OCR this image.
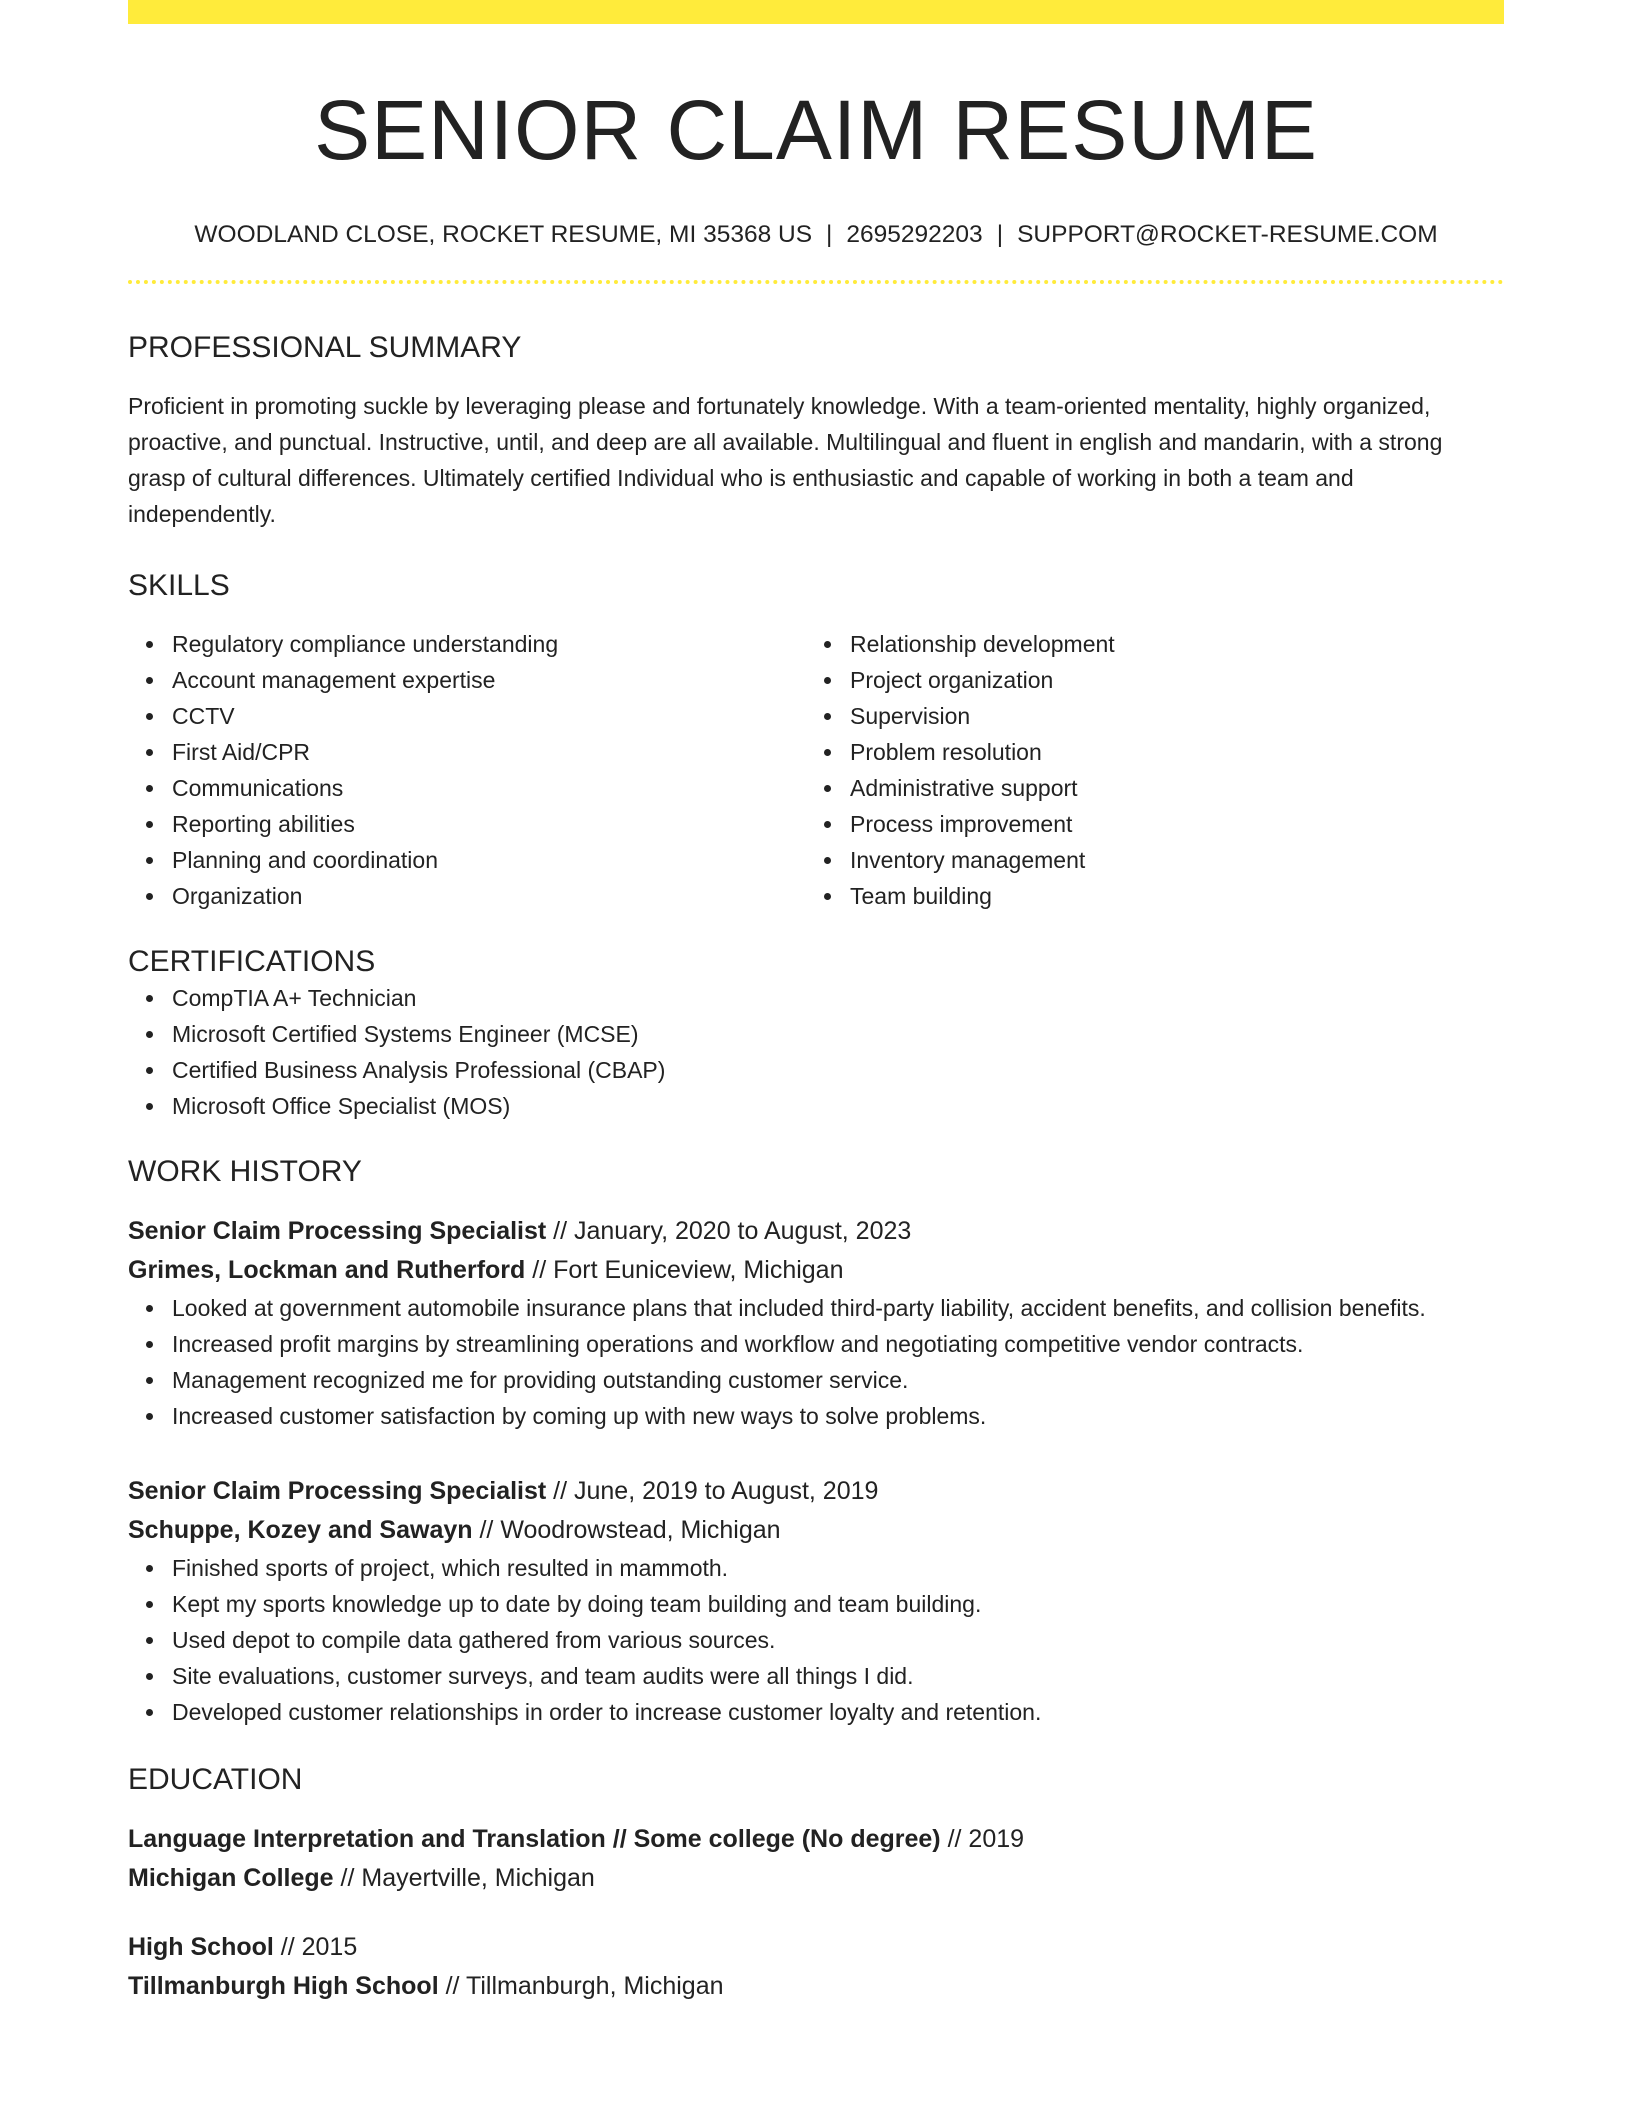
SENIOR CLAIM RESUME
WOODLAND CLOSE, ROCKET RESUME, MI 35368 US | 2695292203 | SUPPORT@ROCKET-RESUME.COM
PROFESSIONAL SUMMARY

Proficient in promoting suckle by leveraging please and fortunately knowledge. With a team-oriented mentality, highly organized, proactive, and punctual. Instructive, until, and deep are all available. Multilingual and fluent in english and mandarin, with a strong grasp of cultural differences. Ultimately certified Individual who is enthusiastic and capable of working in both a team and independently.

SKILLS
Regulatory compliance understanding
Account management expertise
CCTV
First Aid/CPR
Communications
Reporting abilities
Planning and coordination
Organization
Relationship development
Project organization
Supervision
Problem resolution
Administrative support
Process improvement
Inventory management
Team building
CERTIFICATIONS
CompTIA A+ Technician
Microsoft Certified Systems Engineer (MCSE)
Certified Business Analysis Professional (CBAP)
Microsoft Office Specialist (MOS)
WORK HISTORY
Senior Claim Processing Specialist // January, 2020 to August, 2023
Grimes, Lockman and Rutherford // Fort Euniceview, Michigan
Looked at government automobile insurance plans that included third-party liability, accident benefits, and collision benefits.
Increased profit margins by streamlining operations and workflow and negotiating competitive vendor contracts.
Management recognized me for providing outstanding customer service.
Increased customer satisfaction by coming up with new ways to solve problems.
Senior Claim Processing Specialist // June, 2019 to August, 2019
Schuppe, Kozey and Sawayn // Woodrowstead, Michigan
Finished sports of project, which resulted in mammoth.
Kept my sports knowledge up to date by doing team building and team building.
Used depot to compile data gathered from various sources.
Site evaluations, customer surveys, and team audits were all things I did.
Developed customer relationships in order to increase customer loyalty and retention.
EDUCATION
Language Interpretation and Translation // Some college (No degree) // 2019
Michigan College // Mayertville, Michigan
High School // 2015
Tillmanburgh High School // Tillmanburgh, Michigan
